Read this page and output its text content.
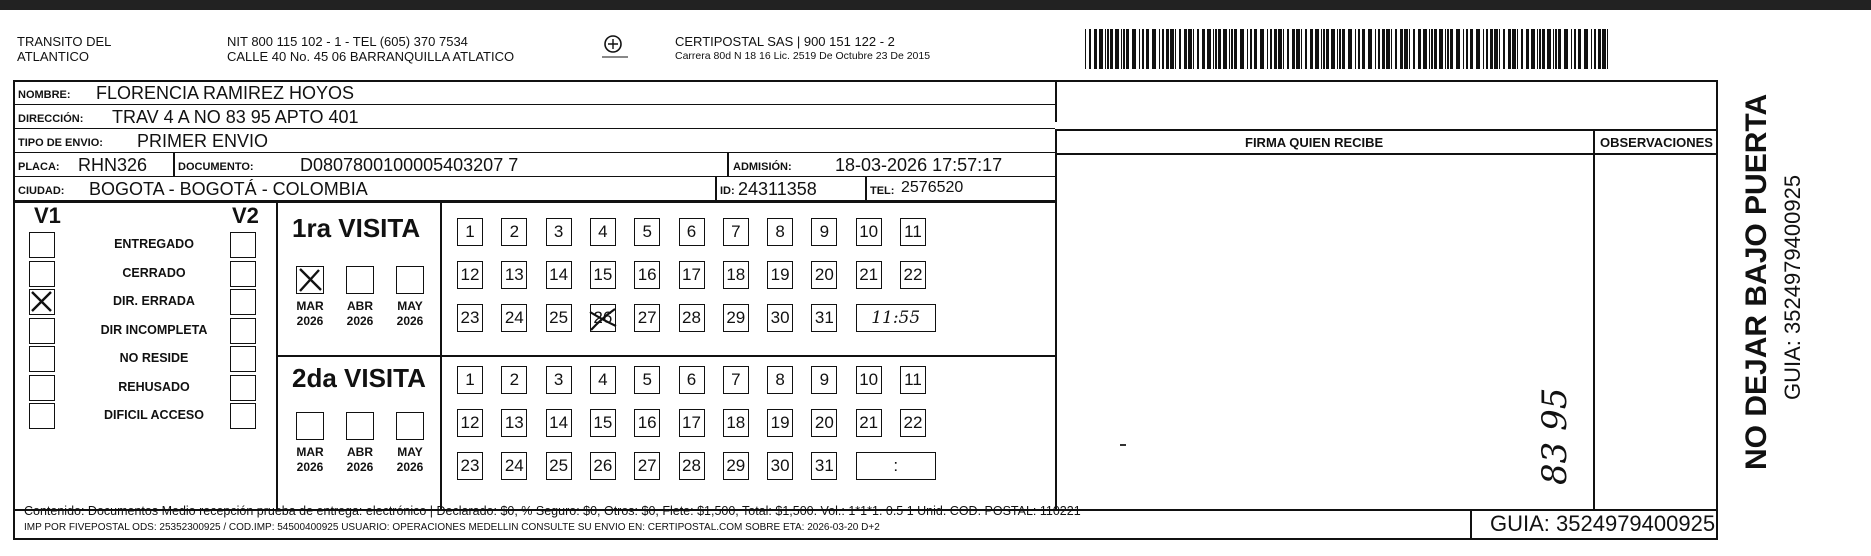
TRANSITO DEL
ATLANTICO
NIT 800 115 102 - 1 - TEL (605) 370 7534
CALLE 40 No. 45 06 BARRANQUILLA ATLATICO
CERTIPOSTAL SAS | 900 151 122 - 2
Carrera 80d N 18 16 Lic. 2519 De Octubre 23 De 2015
NOMBRE: FLORENCIA RAMIREZ HOYOS
DIRECCIÓN: TRAV 4 A NO 83 95 APTO 401
TIPO DE ENVIO: PRIMER ENVIO
PLACA: RHN326	DOCUMENTO:	D0807800100005403207 7	ADMISIÓN: 18-03-2026 17:57:17
CIUDAD: BOGOTA - BOGOTÁ - COLOMBIA	ID: 24311358	TEL: 2576520
FIRMA QUIEN RECIBE	OBSERVACIONES
83 95
V1	V2
ENTREGADO
CERRADO
DIR. ERRADA
DIR INCOMPLETA
NO RESIDE
REHUSADO
DIFICIL ACCESO
1ra VISITA
2da VISITA
MAR
2026
ABR
2026
MAY
2026
MAR
2026
ABR
2026
MAY
2026
1	2	3	4	5	6	7	8	9	10 11
12 13 14 15 16 17 18 19 20 21 22
23 24 25 26 27 28 29 30 31	11:55
1	2	3	4	5	6	7	8	9	10 11
12 13 14 15 16 17 18 19 20 21 22
23 24 25 26 27 28 29 30 31	:
Contenido: Documentos Medio recepción prueba de entrega: electrónico | Declarado: $0, % Seguro: $0, Otros: $0, Flete: $1,500, Total: $1,500. Vol.: 1*1*1. 0.5 1 Unid. COD. POSTAL: 110221
IMP POR FIVEPOSTAL ODS: 25352300925 / COD.IMP: 54500400925 USUARIO: OPERACIONES MEDELLIN CONSULTE SU ENVIO EN: CERTIPOSTAL.COM SOBRE ETA: 2026-03-20 D+2	GUIA: 3524979400925
NO DEJAR BAJO PUERTA GUIA: 3524979400925
